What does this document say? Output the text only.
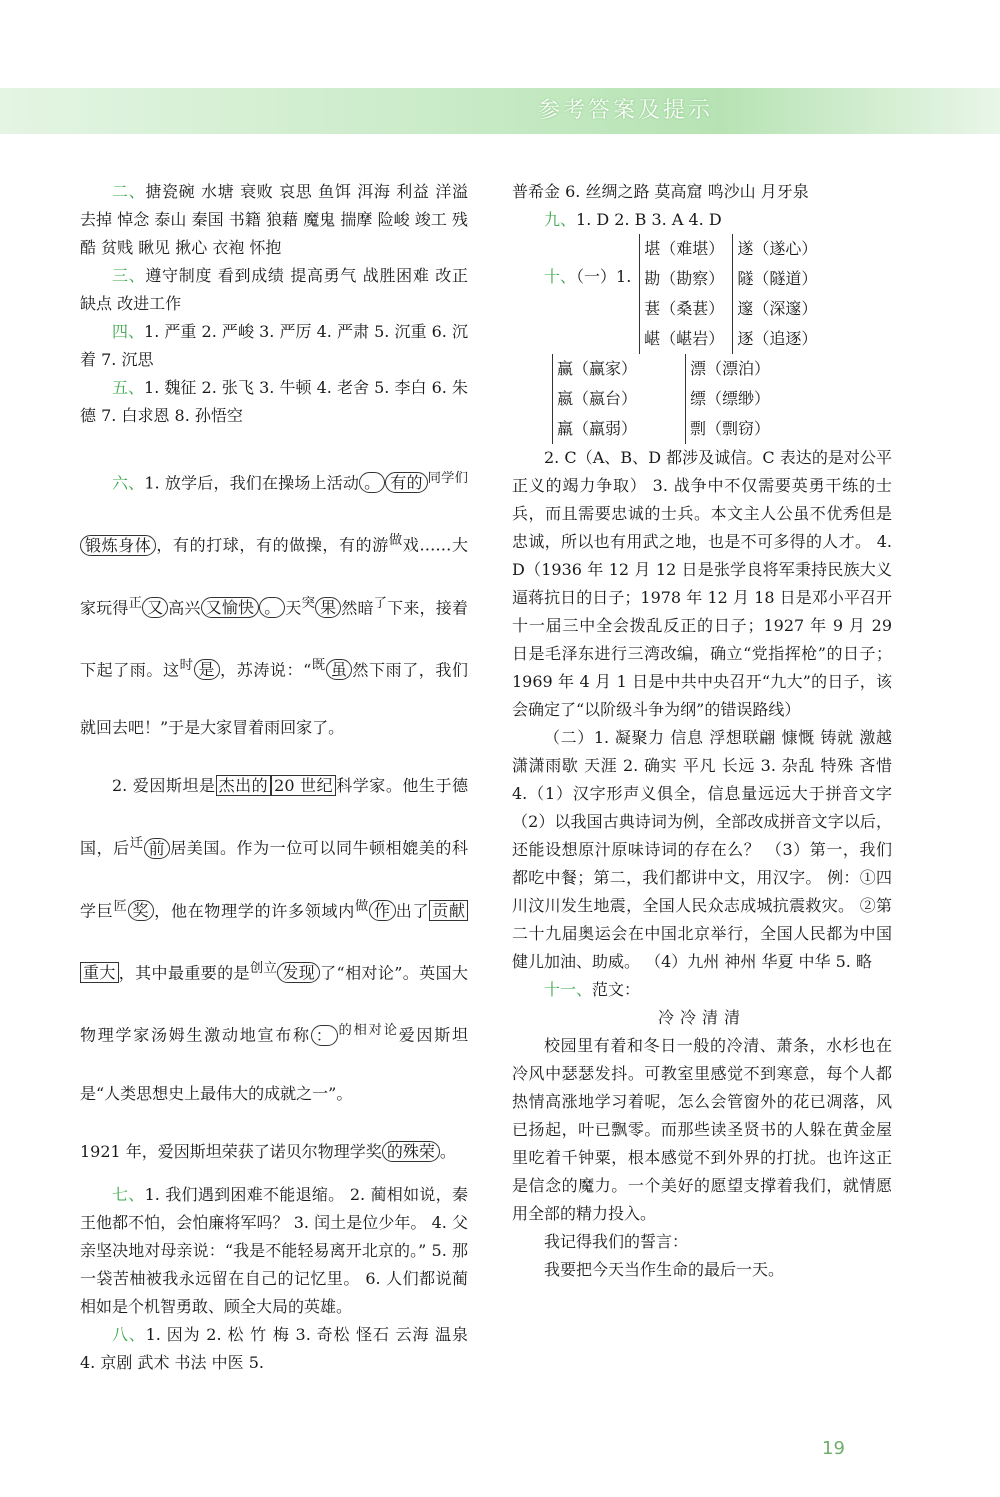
参考答案及提示

二、搪瓷碗 水塘 衰败 哀思 鱼饵 洱海 利益 洋溢 去掉 悼念 泰山 秦国 书籍 狼藉 魔鬼 揣摩 险峻 竣工 残酷 贫贱 瞅见 揪心 衣袍 怀抱

三、遵守制度 看到成绩 提高勇气 战胜困难 改正缺点 改进工作

四、1. 严重 2. 严峻 3. 严厉 4. 严肃 5. 沉重 6. 沉着 7. 沉思

五、1. 魏征 2. 张飞 3. 牛顿 4. 老舍 5. 李白 6. 朱德 7. 白求恩 8. 孙悟空

六、1. 放学后，我们在操场上活动 。 有的 $^{同学们}$锻炼身体 ，有的打球，有的做操，有的游$^做$戏……大家玩得$^正$ 又 高兴 又愉快 。 天$^突$ 果 然暗$^了$下来，接着下起了雨。这$^时$ 是 ，苏涛说：“$^既$ 虽 然下雨了，我们就回去吧！”于是大家冒着雨回家了。

2. 爱因斯坦是 杰出的 20 世纪 科学家。他生于德国，后$^迁$ 前 居美国。作为一位可以同牛顿相媲美的科学巨$^匠$ 奖 ，他在物理学的许多领域内$^做$ 作 出了 贡献重大 ，其中最重要的是$^{创立}$ 发现 了“相对论”。英国大物理学家汤姆生激动地宣布称 ： $^{的相对论}$爱因斯坦是“人类思想史上最伟大的成就之一”。

1921 年，爱因斯坦荣获了诺贝尔物理学奖 的殊荣 。

七、1. 我们遇到困难不能退缩。 2. 蔺相如说，秦王他都不怕，会怕廉将军吗？ 3. 闰土是位少年。 4. 父亲坚决地对母亲说：“我是不能轻易离开北京的。” 5. 那一袋苦柚被我永远留在自己的记忆里。 6. 人们都说蔺相如是个机智勇敢、顾全大局的英雄。

八、1. 因为 2. 松 竹 梅 3. 奇松 怪石 云海 温泉 4. 京剧 武术 书法 中医 5.

普希金 6. 丝绸之路 莫高窟 鸣沙山 月牙泉

九、1. D 2. B 3. A 4. D

十、（一）1.

堪（难堪）

勘（勘察）

葚（桑葚）

嵁（嵁岩）

遂（遂心）

隧（隧道）

邃（深邃）

逐（追逐）

赢（赢家）

嬴（嬴台）

羸（羸弱）

漂（漂泊）

缥（缥缈）

剽（剽窃）

2. C（A、B、D 都涉及诚信。C 表达的是对公平正义的竭力争取） 3. 战争中不仅需要英勇干练的士兵，而且需要忠诚的士兵。本文主人公虽不优秀但是忠诚，所以也有用武之地，也是不可多得的人才。 4. D（1936 年 12 月 12 日是张学良将军秉持民族大义逼蒋抗日的日子；1978 年 12 月 18 日是邓小平召开十一届三中全会拨乱反正的日子；1927 年 9 月 29 日是毛泽东进行三湾改编，确立“党指挥枪”的日子；1969 年 4 月 1 日是中共中央召开“九大”的日子，该会确定了“以阶级斗争为纲”的错误路线）

（二）1. 凝聚力 信息 浮想联翩 慷慨 铸就 激越 潇潇雨歇 天涯 2. 确实 平凡 长远 3. 杂乱 特殊 吝惜 4.（1）汉字形声义俱全，信息量远远大于拼音文字 （2）以我国古典诗词为例，全部改成拼音文字以后，还能设想原汁原味诗词的存在么？ （3）第一，我们都吃中餐；第二，我们都讲中文，用汉字。 例：①四川汶川发生地震，全国人民众志成城抗震救灾。 ②第二十九届奥运会在中国北京举行，全国人民都为中国健儿加油、助威。 （4）九州 神州 华夏 中华 5. 略

十一、范文：

冷冷清清

校园里有着和冬日一般的冷清、萧条，水杉也在冷风中瑟瑟发抖。可教室里感觉不到寒意，每个人都热情高涨地学习着呢，怎么会管窗外的花已凋落，风已扬起，叶已飘零。而那些读圣贤书的人躲在黄金屋里吃着千钟粟，根本感觉不到外界的打扰。也许这正是信念的魔力。一个美好的愿望支撑着我们，就情愿用全部的精力投入。

我记得我们的誓言：

我要把今天当作生命的最后一天。

19
